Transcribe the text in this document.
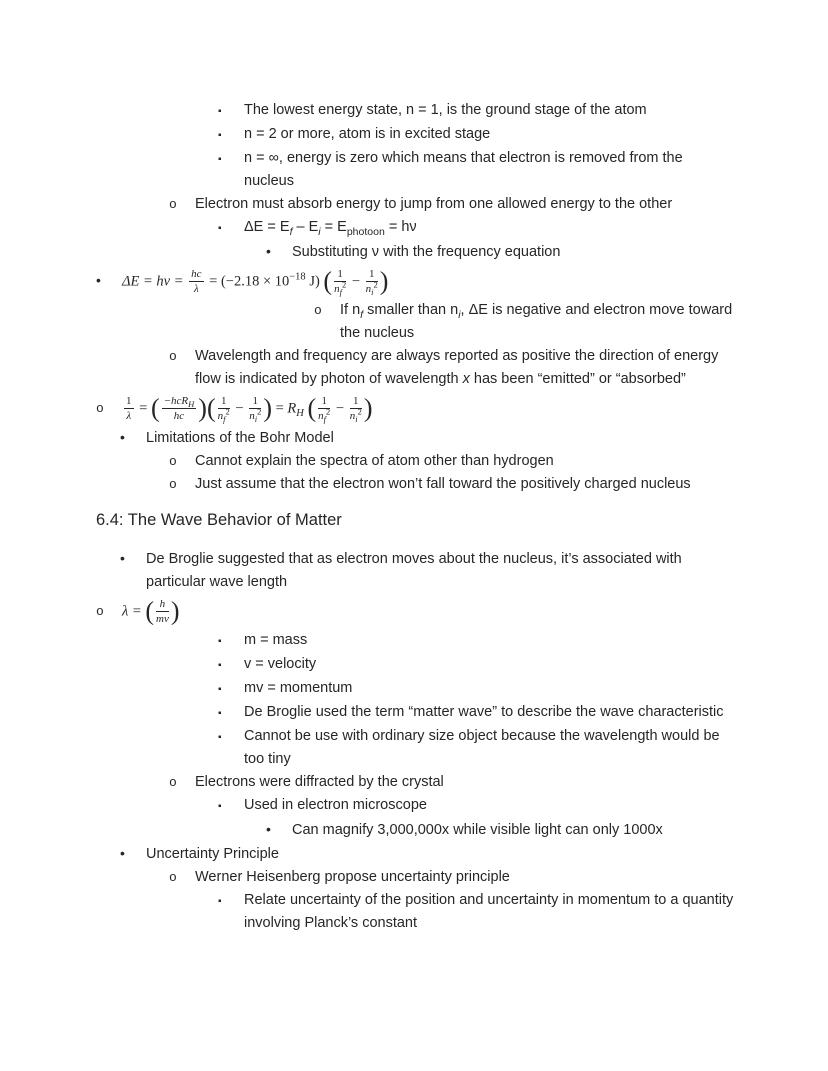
▪	The lowest energy state, n = 1, is the ground stage of the atom
▪	n = 2 or more, atom is in excited stage
▪	n = ∞, energy is zero which means that electron is removed from the nucleus
o	Electron must absorb energy to jump from one allowed energy to the other
▪	$\Delta E = E_f - E_i = E_{photoon} = h\nu$
•	Substituting ν with the frequency equation
•	$\Delta E = h\nu = \frac{hc}{\lambda} = (-2.18 \times 10^{-18}$ J) ( $\frac{1}{n_f^2} - \frac{1}{n_i^2}$ )
o	If $n_f$ smaller than $n_i$, ΔE is negative and electron move toward the nucleus
o	Wavelength and frequency are always reported as positive the direction of energy flow is indicated by photon of wavelength x has been “emitted” or “absorbed”
o	$\frac{1}{\lambda}$ = ( $\frac{-hcR_H}{hc}$ )( $\frac{1}{n_f^2} - \frac{1}{n_i^2}$ ) = $R_H$ ( $\frac{1}{n_f^2} - \frac{1}{n_i^2}$ )
•	Limitations of the Bohr Model
o	Cannot explain the spectra of atom other than hydrogen
o	Just assume that the electron won’t fall toward the positively charged nucleus
6.4: The Wave Behavior of Matter
•	De Broglie suggested that as electron moves about the nucleus, it’s associated with particular wave length
o	λ = ( $\frac{h}{mv}$ )
▪	m = mass
▪	v = velocity
▪	mv = momentum
▪	De Broglie used the term “matter wave” to describe the wave characteristic
▪	Cannot be use with ordinary size object because the wavelength would be too tiny
o	Electrons were diffracted by the crystal
▪	Used in electron microscope
•	Can magnify 3,000,000x while visible light can only 1000x
•	Uncertainty Principle
o	Werner Heisenberg propose uncertainty principle
▪	Relate uncertainty of the position and uncertainty in momentum to a quantity involving Planck’s constant
